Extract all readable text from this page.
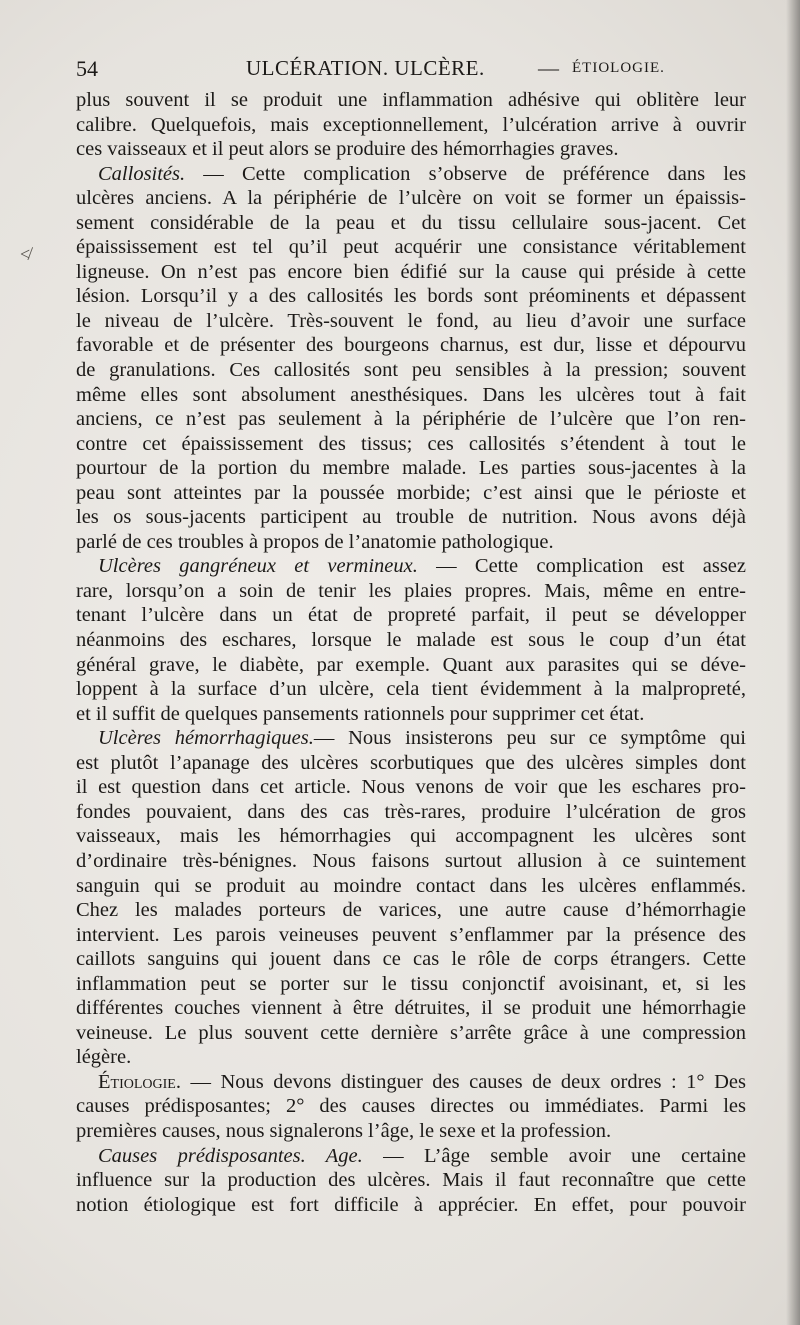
54	ULCÉRATION. ULCÈRE.	— ÉTIOLOGIE.
≮
plus souvent il se produit une inflammation adhésive qui oblitère leur
calibre. Quelquefois, mais exceptionnellement, l’ulcération arrive à ouvrir
ces vaisseaux et il peut alors se produire des hémorrhagies graves.
Callosités. — Cette complication s’observe de préférence dans les
ulcères anciens. A la périphérie de l’ulcère on voit se former un épaissis-
sement considérable de la peau et du tissu cellulaire sous-jacent. Cet
épaississement est tel qu’il peut acquérir une consistance véritablement
ligneuse. On n’est pas encore bien édifié sur la cause qui préside à cette
lésion. Lorsqu’il y a des callosités les bords sont préominents et dépassent
le niveau de l’ulcère. Très-souvent le fond, au lieu d’avoir une surface
favorable et de présenter des bourgeons charnus, est dur, lisse et dépourvu
de granulations. Ces callosités sont peu sensibles à la pression; souvent
même elles sont absolument anesthésiques. Dans les ulcères tout à fait
anciens, ce n’est pas seulement à la périphérie de l’ulcère que l’on ren-
contre cet épaississement des tissus; ces callosités s’étendent à tout le
pourtour de la portion du membre malade. Les parties sous-jacentes à la
peau sont atteintes par la poussée morbide; c’est ainsi que le périoste et
les os sous-jacents participent au trouble de nutrition. Nous avons déjà
parlé de ces troubles à propos de l’anatomie pathologique.
Ulcères gangréneux et vermineux. — Cette complication est assez
rare, lorsqu’on a soin de tenir les plaies propres. Mais, même en entre-
tenant l’ulcère dans un état de propreté parfait, il peut se développer
néanmoins des eschares, lorsque le malade est sous le coup d’un état
général grave, le diabète, par exemple. Quant aux parasites qui se déve-
loppent à la surface d’un ulcère, cela tient évidemment à la malpropreté,
et il suffit de quelques pansements rationnels pour supprimer cet état.
Ulcères hémorrhagiques.— Nous insisterons peu sur ce symptôme qui
est plutôt l’apanage des ulcères scorbutiques que des ulcères simples dont
il est question dans cet article. Nous venons de voir que les eschares pro-
fondes pouvaient, dans des cas très-rares, produire l’ulcération de gros
vaisseaux, mais les hémorrhagies qui accompagnent les ulcères sont
d’ordinaire très-bénignes. Nous faisons surtout allusion à ce suintement
sanguin qui se produit au moindre contact dans les ulcères enflammés.
Chez les malades porteurs de varices, une autre cause d’hémorrhagie
intervient. Les parois veineuses peuvent s’enflammer par la présence des
caillots sanguins qui jouent dans ce cas le rôle de corps étrangers. Cette
inflammation peut se porter sur le tissu conjonctif avoisinant, et, si les
différentes couches viennent à être détruites, il se produit une hémorrhagie
veineuse. Le plus souvent cette dernière s’arrête grâce à une compression
légère.
Étiologie. — Nous devons distinguer des causes de deux ordres : 1° Des
causes prédisposantes; 2° des causes directes ou immédiates. Parmi les
premières causes, nous signalerons l’âge, le sexe et la profession.
Causes prédisposantes. Age. — L’âge semble avoir une certaine
influence sur la production des ulcères. Mais il faut reconnaître que cette
notion étiologique est fort difficile à apprécier. En effet, pour pouvoir
